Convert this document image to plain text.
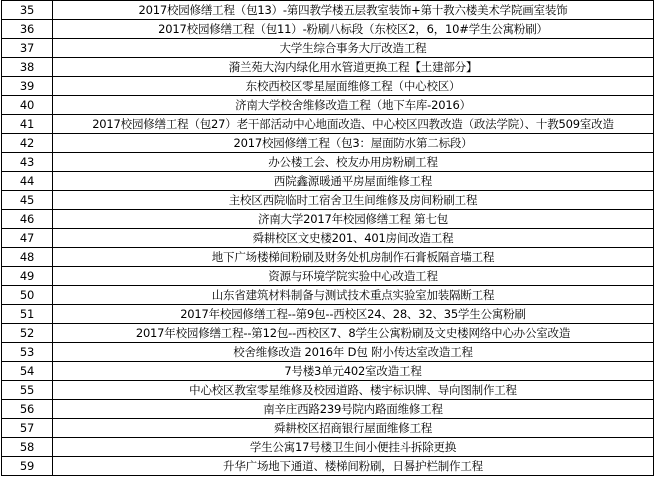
35	2017校园修缮工程（包13）-第四教学楼五层教室装饰+第十教六楼美术学院画室装饰
36	2017校园修缮工程（包11）-粉刷八标段（东校区2，6，10#学生公寓粉刷）
37	大学生综合事务大厅改造工程
38	漪兰苑大沟内绿化用水管道更换工程【土建部分】
39	东校西校区零星屋面维修工程（中心校区）
40	济南大学校舍维修改造工程（地下车库-2016）
41	2017校园修缮工程（包27）老干部活动中心地面改造、中心校区四教改造（政法学院）、十教509室改造
42	2017校园修缮工程（包3：屋面防水第二标段）
43	办公楼工会、校友办用房粉刷工程
44	西院鑫源暖通平房屋面维修工程
45	主校区西院临时工宿舍卫生间维修及房间粉刷工程
46	济南大学2017年校园修缮工程 第七包
47	舜耕校区文史楼201、401房间改造工程
48	地下广场楼梯间粉刷及财务处机房制作石膏板隔音墙工程
49	资源与环境学院实验中心改造工程
50	山东省建筑材料制备与测试技术重点实验室加装隔断工程
51	2017年校园修缮工程--第9包--西校区24、28、32、35学生公寓粉刷
52	2017年校园修缮工程--第12包--西校区7、8学生公寓粉刷及文史楼网络中心办公室改造
53	校舍维修改造 2016年 D包 附小传达室改造工程
54	7号楼3单元402室改造工程
55	中心校区教室零星维修及校园道路、楼宇标识牌、导向图制作工程
56	南辛庄西路239号院内路面维修工程
57	舜耕校区招商银行屋面维修工程
58	学生公寓17号楼卫生间小便挂斗拆除更换
59	升华广场地下通道、楼梯间粉刷，日晷护栏制作工程
